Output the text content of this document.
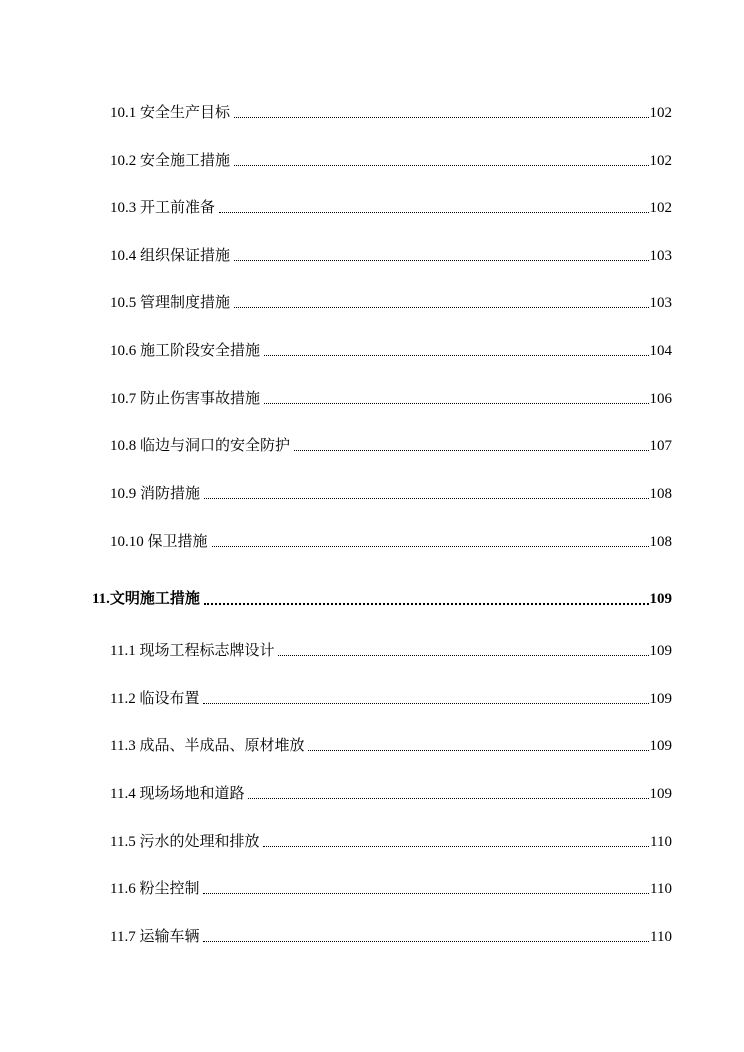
10.1 安全生产目标	102
10.2 安全施工措施	102
10.3 开工前准备	102
10.4 组织保证措施	103
10.5 管理制度措施	103
10.6 施工阶段安全措施	104
10.7 防止伤害事故措施	106
10.8 临边与洞口的安全防护	107
10.9 消防措施	108
10.10 保卫措施	108
11.文明施工措施	109
11.1 现场工程标志牌设计	109
11.2 临设布置	109
11.3 成品、半成品、原材堆放	109
11.4 现场场地和道路	109
11.5 污水的处理和排放	110
11.6 粉尘控制	110
11.7 运输车辆	110
